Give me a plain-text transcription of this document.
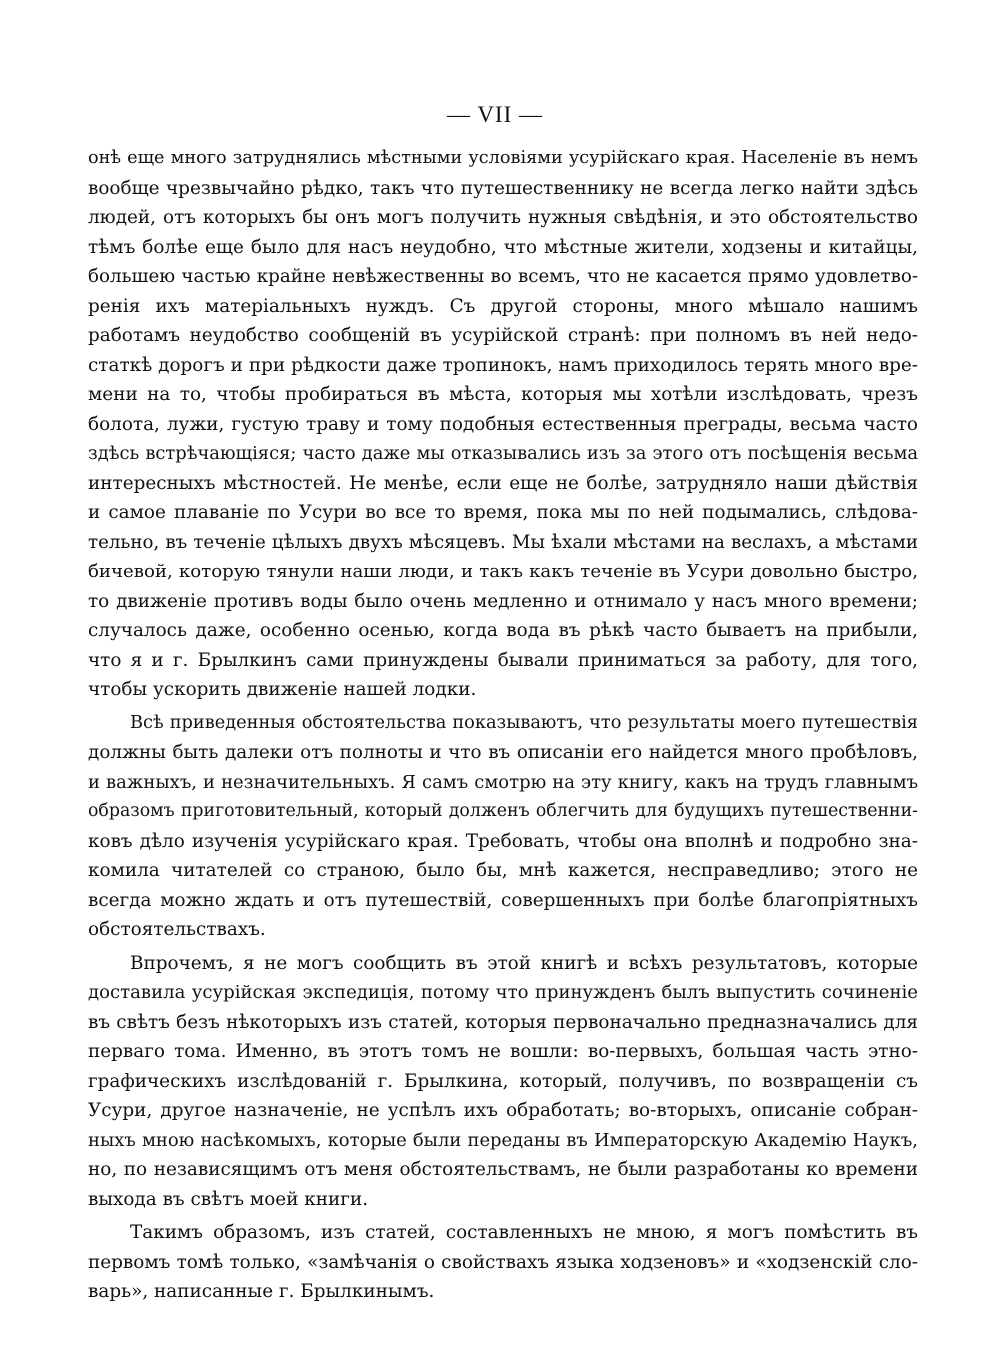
— VII —

онѣ еще много затруднялись мѣстными условіями усурійскаго края. Населеніе въ немъ
вообще чрезвычайно рѣдко, такъ что путешественнику не всегда легко найти здѣсь
людей, отъ которыхъ бы онъ могъ получить нужныя свѣдѣнія, и это обстоятельство
тѣмъ болѣе еще было для насъ неудобно, что мѣстные жители, ходзены и китайцы,
большею частью крайне невѣжественны во всемъ, что не касается прямо удовлетво-
ренія ихъ матеріальныхъ нуждъ. Съ другой стороны, много мѣшало нашимъ
работамъ неудобство сообщеній въ усурійской странѣ: при полномъ въ ней недо-
статкѣ дорогъ и при рѣдкости даже тропинокъ, намъ приходилось терять много вре-
мени на то, чтобы пробираться въ мѣста, которыя мы хотѣли изслѣдовать, чрезъ
болота, лужи, густую траву и тому подобныя естественныя преграды, весьма часто
здѣсь встрѣчающіяся; часто даже мы отказывались изъ за этого отъ посѣщенія весьма
интересныхъ мѣстностей. Не менѣе, если еще не болѣе, затрудняло наши дѣйствія
и самое плаваніе по Усури во все то время, пока мы по ней подымались, слѣдова-
тельно, въ теченіе цѣлыхъ двухъ мѣсяцевъ. Мы ѣхали мѣстами на веслахъ, а мѣстами
бичевой, которую тянули наши люди, и такъ какъ теченіе въ Усури довольно быстро,
то движеніе противъ воды было очень медленно и отнимало у насъ много времени;
случалось даже, особенно осенью, когда вода въ рѣкѣ часто бываетъ на прибыли,
что я и г. Брылкинъ сами принуждены бывали приниматься за работу, для того,
чтобы ускорить движеніе нашей лодки.

Всѣ приведенныя обстоятельства показываютъ, что результаты моего путешествія
должны быть далеки отъ полноты и что въ описаніи его найдется много пробѣловъ,
и важныхъ, и незначительныхъ. Я самъ смотрю на эту книгу, какъ на трудъ главнымъ
образомъ приготовительный, который долженъ облегчить для будущихъ путешественни-
ковъ дѣло изученія усурійскаго края. Требовать, чтобы она вполнѣ и подробно зна-
комила читателей со страною, было бы, мнѣ кажется, несправедливо; этого не
всегда можно ждать и отъ путешествій, совершенныхъ при болѣе благопріятныхъ
обстоятельствахъ.

Впрочемъ, я не могъ сообщить въ этой книгѣ и всѣхъ результатовъ, которые
доставила усурійская экспедиція, потому что принужденъ былъ выпустить сочиненіе
въ свѣтъ безъ нѣкоторыхъ изъ статей, которыя первоначально предназначались для
перваго тома. Именно, въ этотъ томъ не вошли: во-первыхъ, большая часть этно-
графическихъ изслѣдованій г. Брылкина, который, получивъ, по возвращеніи съ
Усури, другое назначеніе, не успѣлъ ихъ обработать; во-вторыхъ, описаніе собран-
ныхъ мною насѣкомыхъ, которые были переданы въ Императорскую Академію Наукъ,
но, по независящимъ отъ меня обстоятельствамъ, не были разработаны ко времени
выхода въ свѣтъ моей книги.

Такимъ образомъ, изъ статей, составленныхъ не мною, я могъ помѣстить въ
первомъ томѣ только, «замѣчанія о свойствахъ языка ходзеновъ» и «ходзенскій сло-
варь», написанные г. Брылкинымъ.
